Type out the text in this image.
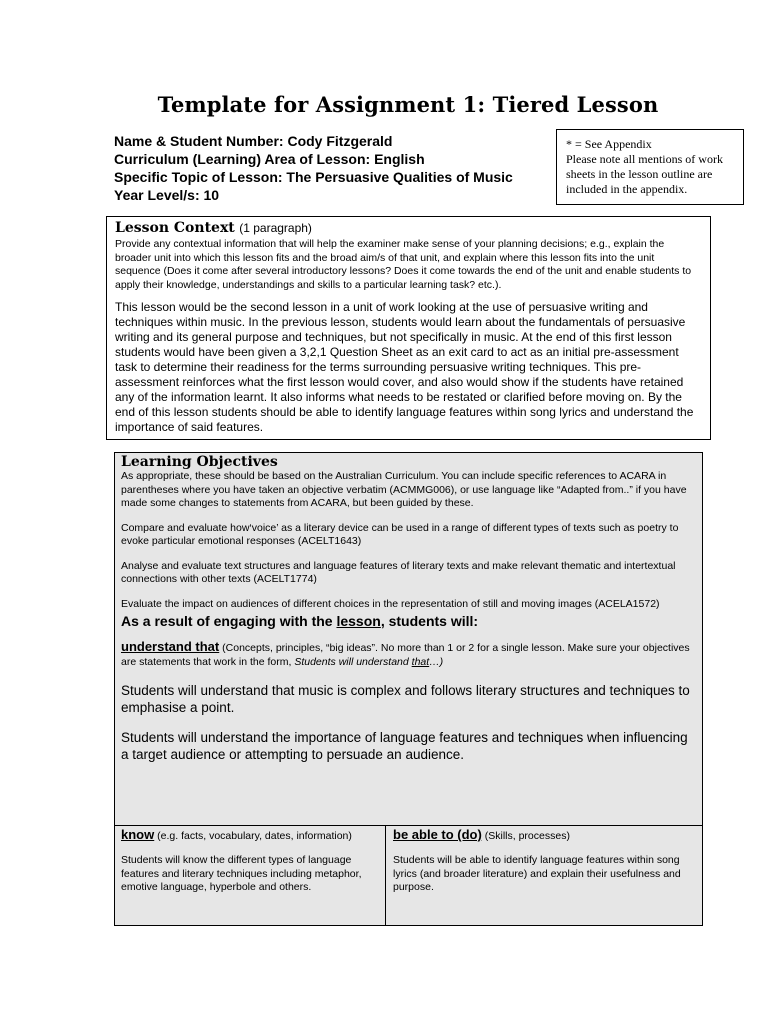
Template for Assignment 1: Tiered Lesson
Name & Student Number: Cody Fitzgerald
Curriculum (Learning) Area of Lesson: English
Specific Topic of Lesson: The Persuasive Qualities of Music
Year Level/s: 10
* = See Appendix
Please note all mentions of work sheets in the lesson outline are included in the appendix.
Lesson Context (1 paragraph)
Provide any contextual information that will help the examiner make sense of your planning decisions; e.g., explain the broader unit into which this lesson fits and the broad aim/s of that unit, and explain where this lesson fits into the unit sequence (Does it come after several introductory lessons? Does it come towards the end of the unit and enable students to apply their knowledge, understandings and skills to a particular learning task? etc.).
This lesson would be the second lesson in a unit of work looking at the use of persuasive writing and techniques within music. In the previous lesson, students would learn about the fundamentals of persuasive writing and its general purpose and techniques, but not specifically in music. At the end of this first lesson students would have been given a 3,2,1 Question Sheet as an exit card to act as an initial pre-assessment task to determine their readiness for the terms surrounding persuasive writing techniques. This pre-assessment reinforces what the first lesson would cover, and also would show if the students have retained any of the information learnt. It also informs what needs to be restated or clarified before moving on. By the end of this lesson students should be able to identify language features within song lyrics and understand the importance of said features.
Learning Objectives
As appropriate, these should be based on the Australian Curriculum. You can include specific references to ACARA in parentheses where you have taken an objective verbatim (ACMMG006), or use language like “Adapted from..” if you have made some changes to statements from ACARA, but been guided by these.
Compare and evaluate how‘voice’ as a literary device can be used in a range of different types of texts such as poetry to evoke particular emotional responses (ACELT1643)
Analyse and evaluate text structures and language features of literary texts and make relevant thematic and intertextual connections with other texts (ACELT1774)
Evaluate the impact on audiences of different choices in the representation of still and moving images (ACELA1572)
As a result of engaging with the lesson, students will:
understand that (Concepts, principles, “big ideas”. No more than 1 or 2 for a single lesson. Make sure your objectives are statements that work in the form, Students will understand that…)
Students will understand that music is complex and follows literary structures and techniques to emphasise a point.
Students will understand the importance of language features and techniques when influencing a target audience or attempting to persuade an audience.
know (e.g. facts, vocabulary, dates, information)
Students will know the different types of language features and literary techniques including metaphor, emotive language, hyperbole and others.
be able to (do) (Skills, processes)
Students will be able to identify language features within song lyrics (and broader literature) and explain their usefulness and purpose.
